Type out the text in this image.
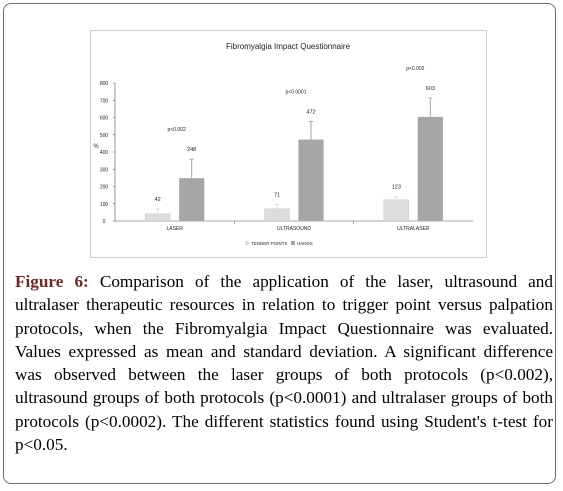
Fibromyalgia Impact Questionnaire
%
0
100
200
300
400
500
600
700
800
LASER
42
248
p<0.002
ULTRASOUND
71
472
p<0.0001
ULTRALASER
123
603
p<0.002
TENDER POINTS HANDS
Figure 6: Comparison of the application of the laser, ultrasound and ultralaser therapeutic resources in relation to trigger point versus palpation protocols, when the Fibromyalgia Impact Questionnaire was evaluated. Values expressed as mean and standard deviation. A significant difference was observed between the laser groups of both protocols (p<0.002), ultrasound groups of both protocols (p<0.0001) and ultralaser groups of both protocols (p<0.0002). The different statistics found using Student's t-test for p<0.05.
